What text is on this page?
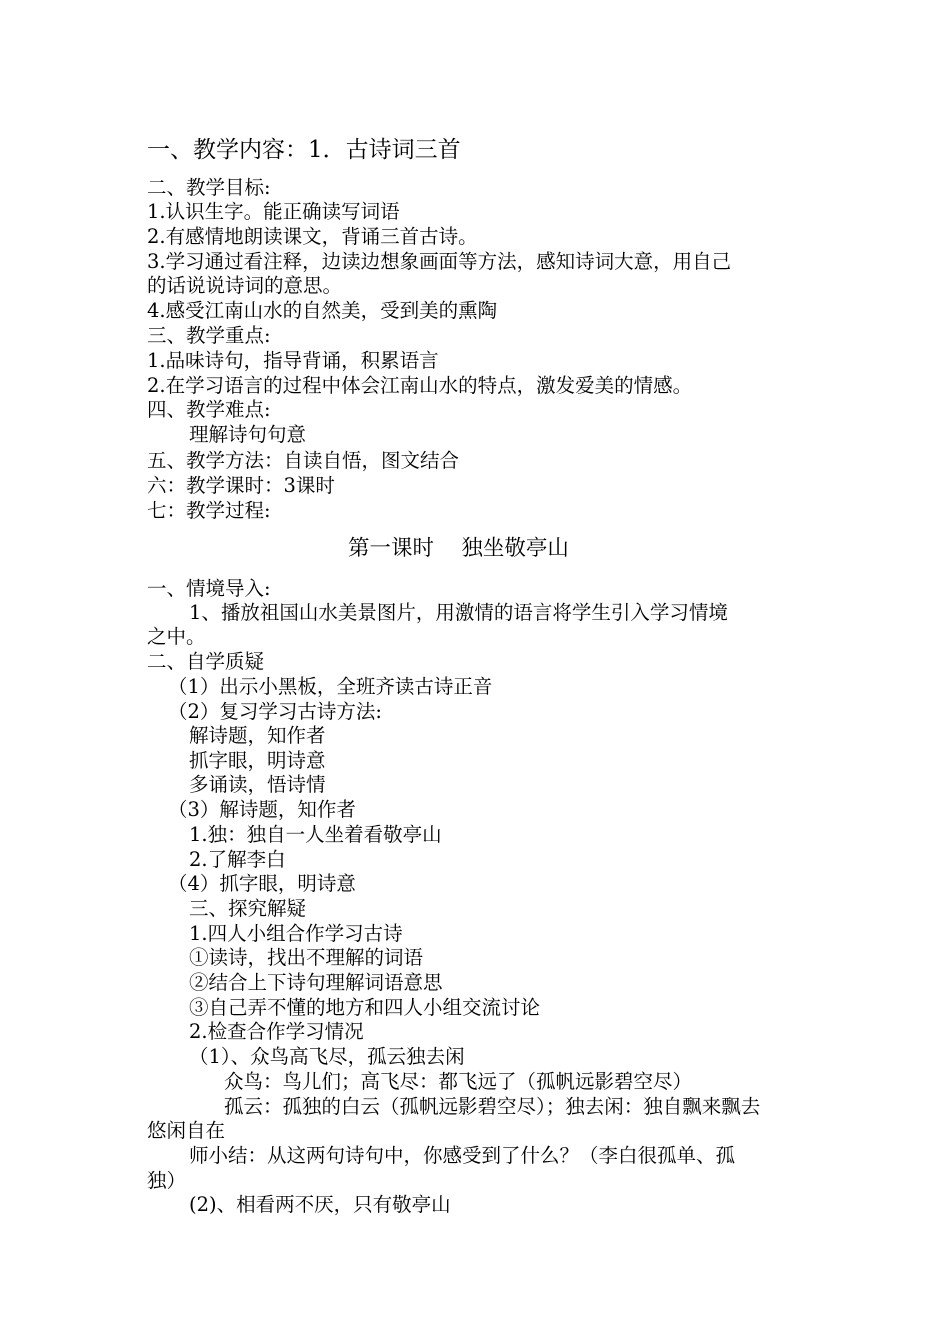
一、教学内容：1．古诗词三首
二、教学目标:
1.认识生字。能正确读写词语
2.有感情地朗读课文，背诵三首古诗。
3.学习通过看注释，边读边想象画面等方法，感知诗词大意，用自己
的话说说诗词的意思。
4.感受江南山水的自然美，受到美的熏陶
三、教学重点:
1.品味诗句，指导背诵，积累语言
2.在学习语言的过程中体会江南山水的特点，激发爱美的情感。
四、教学难点:
理解诗句句意
五、教学方法：自读自悟，图文结合
六：教学课时：3课时
七：教学过程:
第一课时    独坐敬亭山
一、情境导入:
1、播放祖国山水美景图片，用激情的语言将学生引入学习情境
之中。
二、自学质疑
（1）出示小黑板，全班齐读古诗正音
（2）复习学习古诗方法:
解诗题，知作者
抓字眼，明诗意
多诵读，悟诗情
（3）解诗题，知作者
1.独：独自一人坐着看敬亭山
2.了解李白
（4）抓字眼，明诗意
三、探究解疑
1.四人小组合作学习古诗
①读诗，找出不理解的词语
②结合上下诗句理解词语意思
③自己弄不懂的地方和四人小组交流讨论
2.检查合作学习情况
（1）、众鸟高飞尽，孤云独去闲
众鸟：鸟儿们；高飞尽：都飞远了（孤帆远影碧空尽）
孤云：孤独的白云（孤帆远影碧空尽）；独去闲：独自飘来飘去
悠闲自在
师小结：从这两句诗句中，你感受到了什么？（李白很孤单、孤
独）
(2)、相看两不厌，只有敬亭山
